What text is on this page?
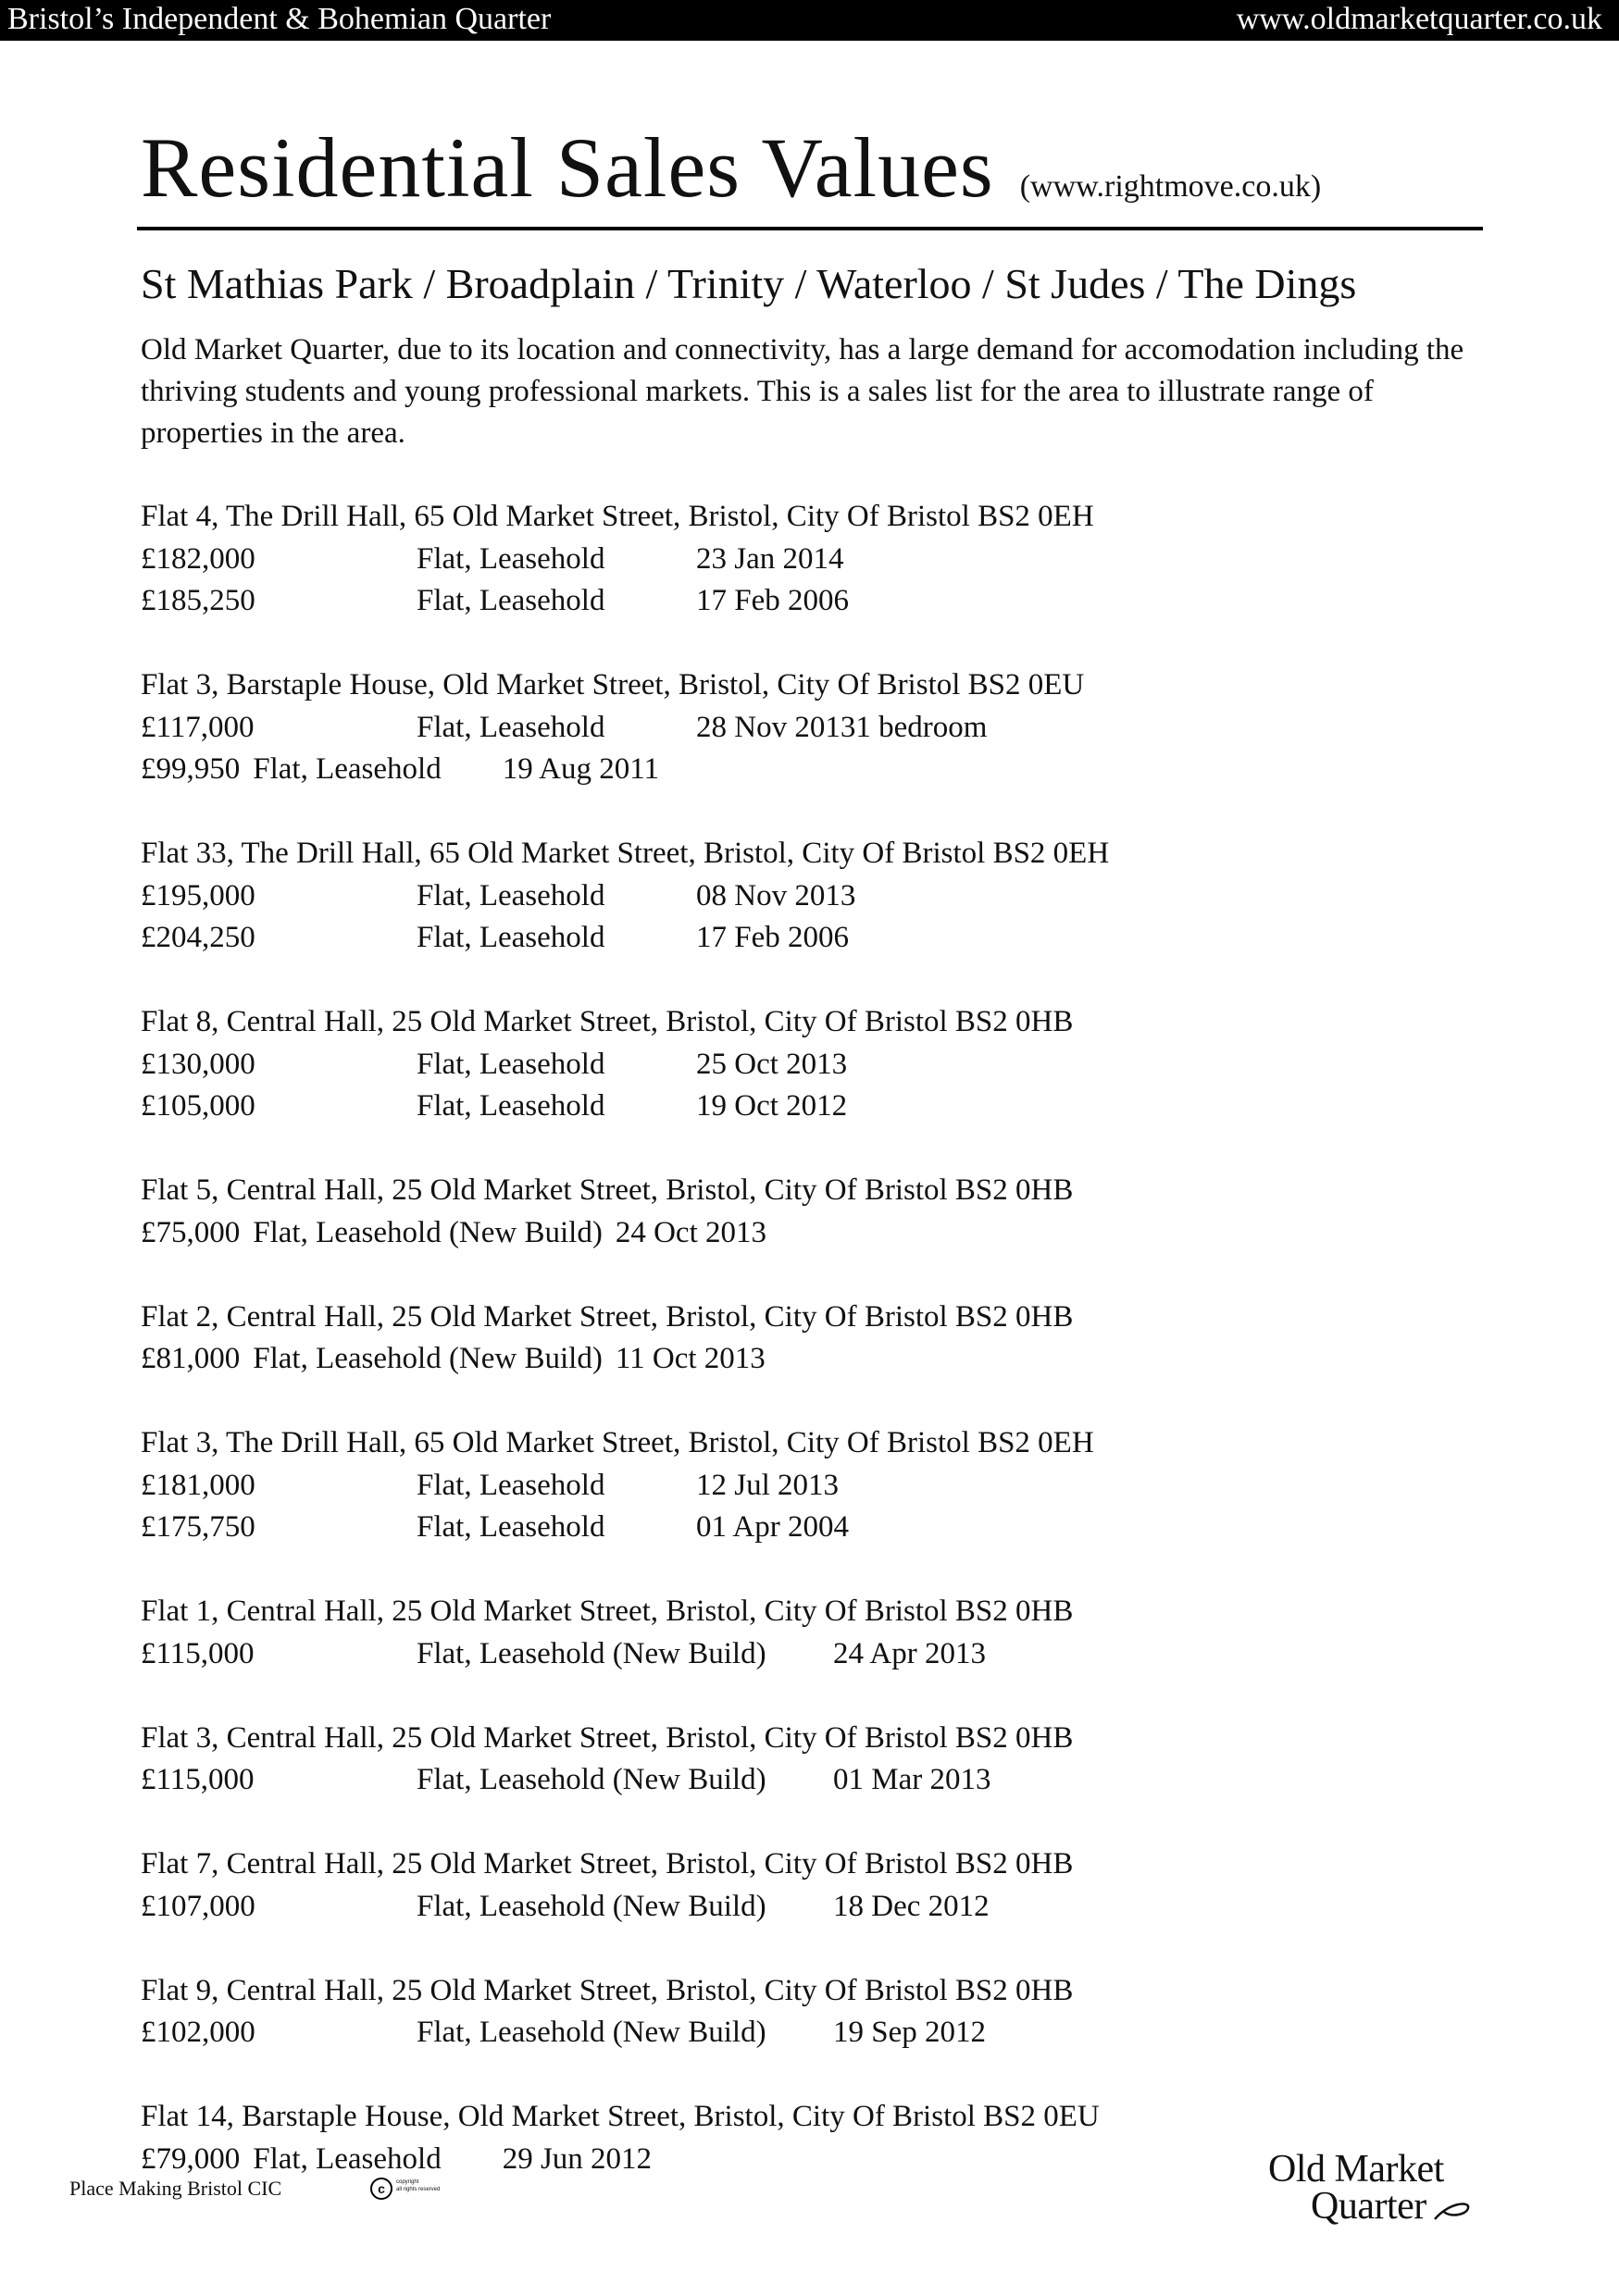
Bristol’s Independent & Bohemian Quarter	www.oldmarketquarter.co.uk
Residential Sales Values (www.rightmove.co.uk)
St Mathias Park / Broadplain / Trinity / Waterloo / St Judes / The Dings
Old Market Quarter, due to its location and connectivity, has a large demand for accomodation including the thriving students and young professional markets. This is a sales list for the area to illustrate range of properties in the area.
Flat 4, The Drill Hall, 65 Old Market Street, Bristol, City Of Bristol BS2 0EH
£182,000	Flat, Leasehold	23 Jan 2014
£185,250	Flat, Leasehold	17 Feb 2006
Flat 3, Barstaple House, Old Market Street, Bristol, City Of Bristol BS2 0EU
£117,000	Flat, Leasehold	28 Nov 20131 bedroom
£99,950 Flat, Leasehold 19 Aug 2011
Flat 33, The Drill Hall, 65 Old Market Street, Bristol, City Of Bristol BS2 0EH
£195,000	Flat, Leasehold	08 Nov 2013
£204,250	Flat, Leasehold	17 Feb 2006
Flat 8, Central Hall, 25 Old Market Street, Bristol, City Of Bristol BS2 0HB
£130,000	Flat, Leasehold	25 Oct 2013
£105,000	Flat, Leasehold	19 Oct 2012
Flat 5, Central Hall, 25 Old Market Street, Bristol, City Of Bristol BS2 0HB
£75,000 Flat, Leasehold (New Build) 24 Oct 2013
Flat 2, Central Hall, 25 Old Market Street, Bristol, City Of Bristol BS2 0HB
£81,000 Flat, Leasehold (New Build) 11 Oct 2013
Flat 3, The Drill Hall, 65 Old Market Street, Bristol, City Of Bristol BS2 0EH
£181,000	Flat, Leasehold	12 Jul 2013
£175,750	Flat, Leasehold	01 Apr 2004
Flat 1, Central Hall, 25 Old Market Street, Bristol, City Of Bristol BS2 0HB
£115,000	Flat, Leasehold (New Build) 24 Apr 2013
Flat 3, Central Hall, 25 Old Market Street, Bristol, City Of Bristol BS2 0HB
£115,000	Flat, Leasehold (New Build) 01 Mar 2013
Flat 7, Central Hall, 25 Old Market Street, Bristol, City Of Bristol BS2 0HB
£107,000	Flat, Leasehold (New Build) 18 Dec 2012
Flat 9, Central Hall, 25 Old Market Street, Bristol, City Of Bristol BS2 0HB
£102,000	Flat, Leasehold (New Build) 19 Sep 2012
Flat 14, Barstaple House, Old Market Street, Bristol, City Of Bristol BS2 0EU
£79,000 Flat, Leasehold 29 Jun 2012
Place Making Bristol CIC	c	copyright
all rights reserved	Old Market
Quarter
